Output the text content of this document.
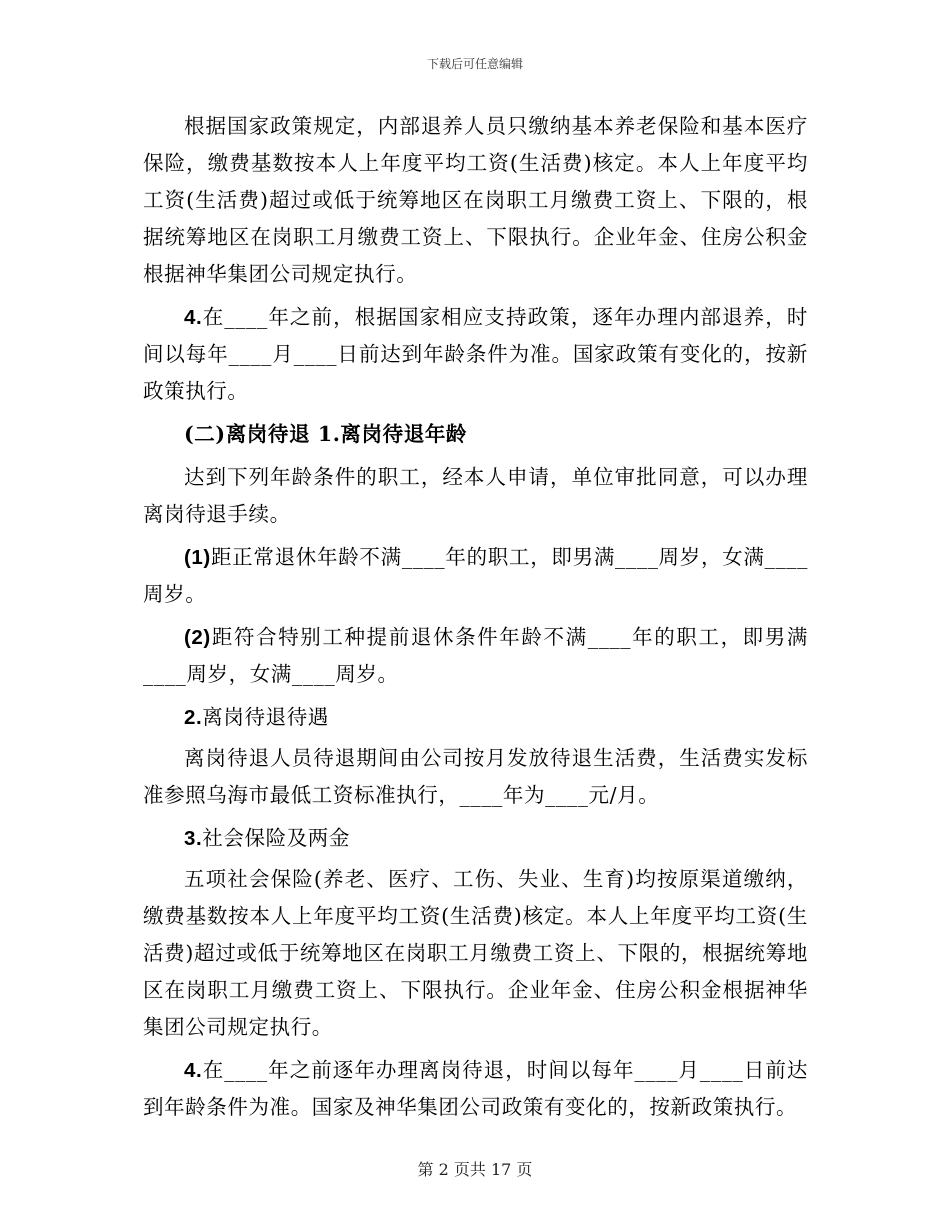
下载后可任意编辑

根据国家政策规定，内部退养人员只缴纳基本养老保险和基本医疗保险，缴费基数按本人上年度平均工资(生活费)核定。本人上年度平均工资(生活费)超过或低于统筹地区在岗职工月缴费工资上、下限的，根据统筹地区在岗职工月缴费工资上、下限执行。企业年金、住房公积金根据神华集团公司规定执行。

4.在____年之前，根据国家相应支持政策，逐年办理内部退养，时间以每年____月____日前达到年龄条件为准。国家政策有变化的，按新政策执行。

(二)离岗待退 1.离岗待退年龄

达到下列年龄条件的职工，经本人申请，单位审批同意，可以办理离岗待退手续。

(1)距正常退休年龄不满____年的职工，即男满____周岁，女满____周岁。

(2)距符合特别工种提前退休条件年龄不满____年的职工，即男满____周岁，女满____周岁。

2.离岗待退待遇

离岗待退人员待退期间由公司按月发放待退生活费，生活费实发标准参照乌海市最低工资标准执行，____年为____元/月。

3.社会保险及两金

五项社会保险(养老、医疗、工伤、失业、生育)均按原渠道缴纳，缴费基数按本人上年度平均工资(生活费)核定。本人上年度平均工资(生活费)超过或低于统筹地区在岗职工月缴费工资上、下限的，根据统筹地区在岗职工月缴费工资上、下限执行。企业年金、住房公积金根据神华集团公司规定执行。

4.在____年之前逐年办理离岗待退，时间以每年____月____日前达到年龄条件为准。国家及神华集团公司政策有变化的，按新政策执行。

第 2 页共 17 页
